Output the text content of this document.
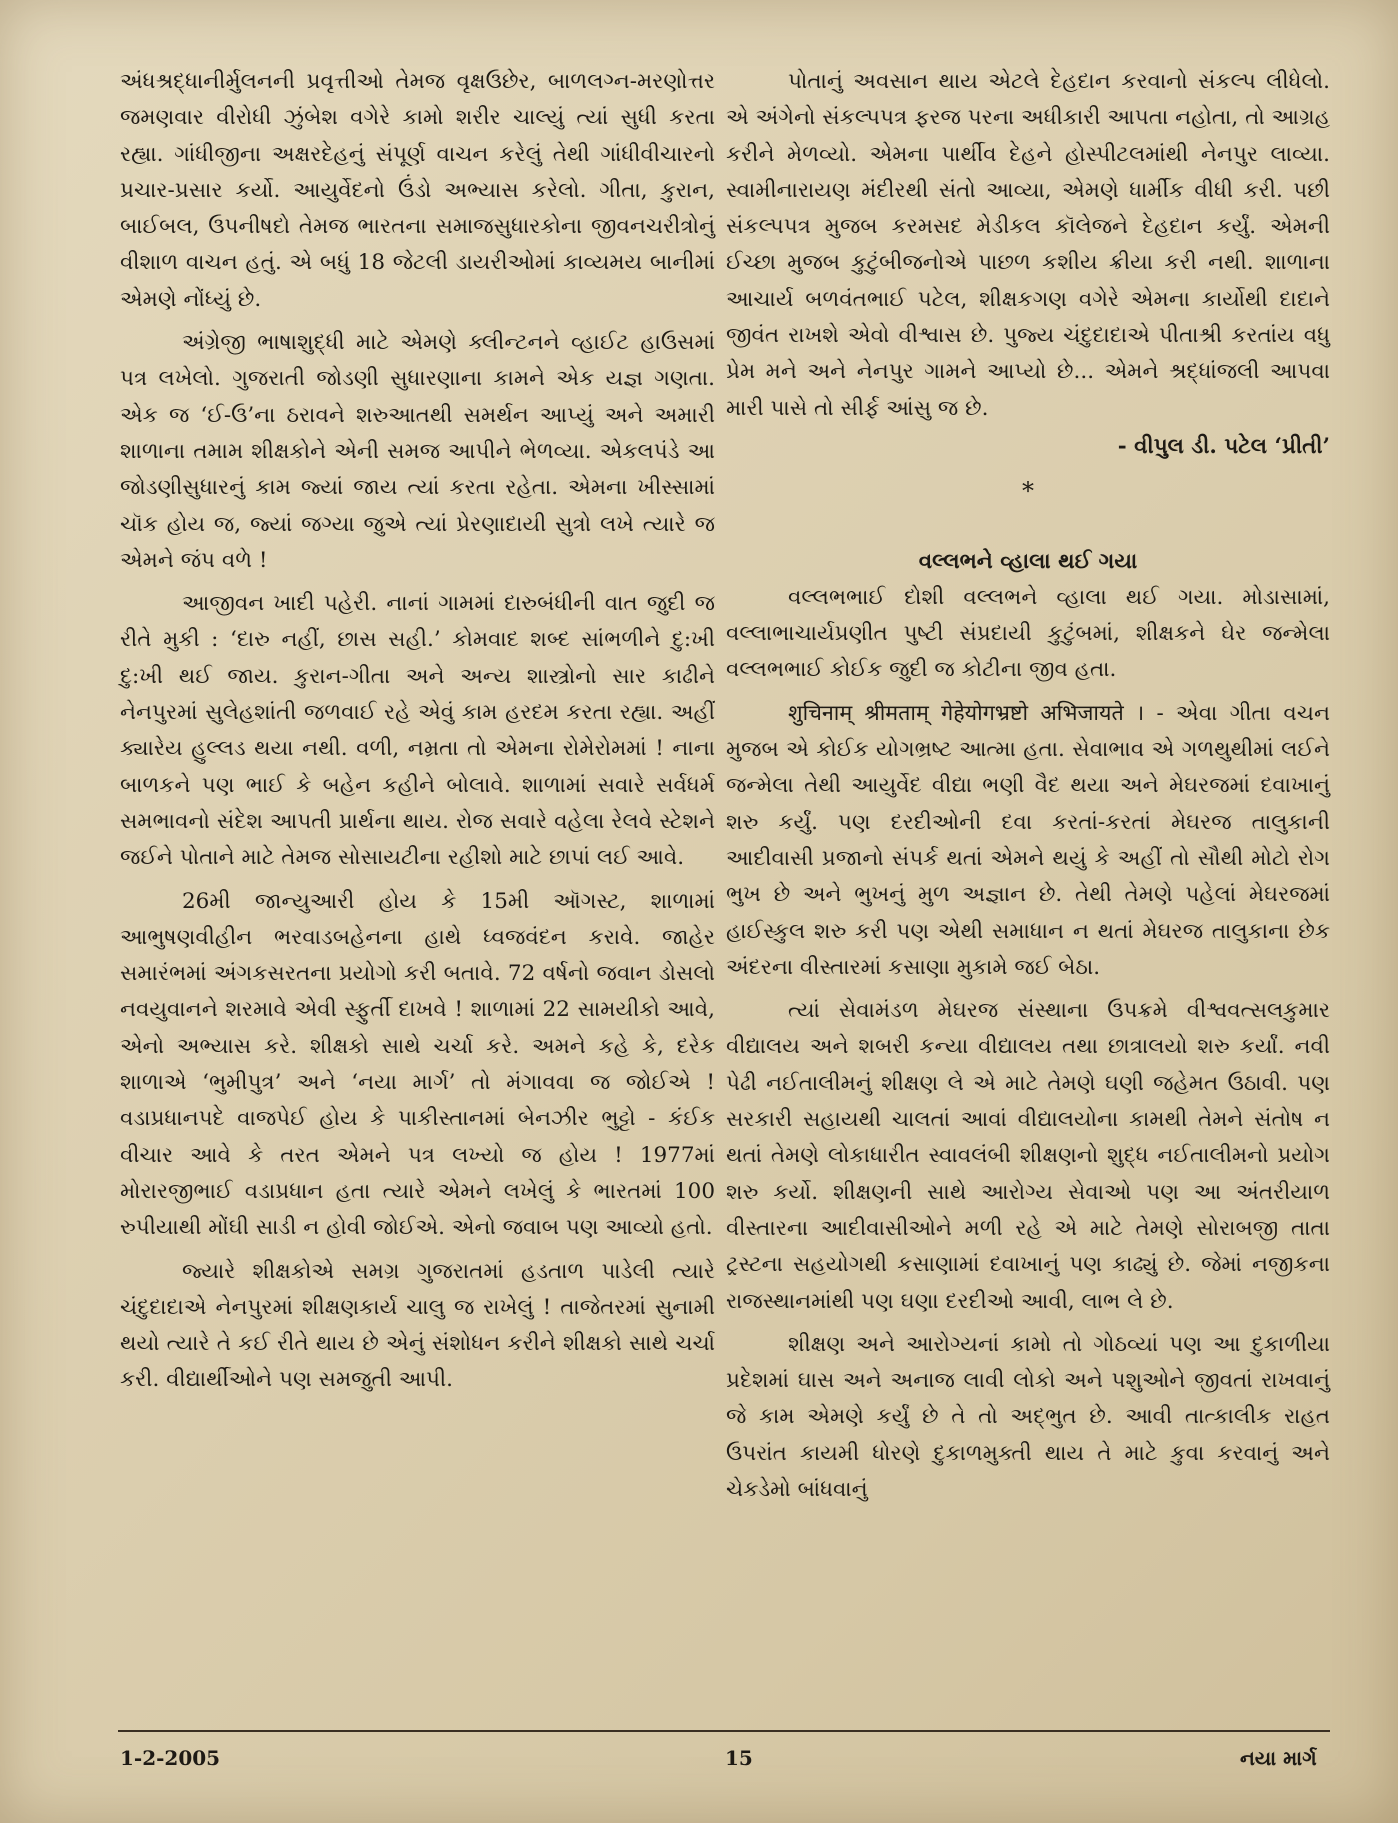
અંધશ્રદ્ધાનીર્મુલનની પ્રવૃત્તીઓ તેમજ વૃક્ષઉછેર, બાળલગ્ન-મરણોત્તર જમણવાર વીરોધી ઝુંબેશ વગેરે કામો શરીર ચાલ્યું ત્યાં સુધી કરતા રહ્યા. ગાંધીજીના અક્ષરદેહનું સંપૂર્ણ વાચન કરેલું તેથી ગાંધીવીચારનો પ્રચાર-પ્રસાર કર્યો. આયુર્વેદનો ઉંડો અભ્યાસ કરેલો. ગીતા, કુરાન, બાઈબલ, ઉપનીષદો તેમજ ભારતના સમાજસુધારકોના જીવનચરીત્રોનું વીશાળ વાચન હતું. એ બધું 18 જેટલી ડાયરીઓમાં કાવ્યમય બાનીમાં એમણે નોંધ્યું છે.

અંગ્રેજી ભાષાશુદ્ધી માટે એમણે ક્લીન્ટનને વ્હાઈટ હાઉસમાં પત્ર લખેલો. ગુજરાતી જોડણી સુધારણાના કામને એક યજ્ઞ ગણતા. એક જ ‘ઈ-ઉ’ના ઠરાવને શરુઆતથી સમર્થન આપ્યું અને અમારી શાળાના તમામ શીક્ષકોને એની સમજ આપીને ભેળવ્યા. એકલપંડે આ જોડણીસુધારનું કામ જ્યાં જાય ત્યાં કરતા રહેતા. એમના ખીસ્સામાં ચૉક હોય જ, જ્યાં જગ્યા જુએ ત્યાં પ્રેરણાદાયી સુત્રો લખે ત્યારે જ એમને જંપ વળે !

આજીવન ખાદી પહેરી. નાનાં ગામમાં દારુબંધીની વાત જુદી જ રીતે મુકી : ‘દારુ નહીં, છાસ સહી.’ કોમવાદ શબ્દ સાંભળીને દુ:ખી દુ:ખી થઈ જાય. કુરાન-ગીતા અને અન્ય શાસ્ત્રોનો સાર કાઢીને નેનપુરમાં સુલેહશાંતી જળવાઈ રહે એવું કામ હરદમ કરતા રહ્યા. અહીં ક્યારેય હુલ્લડ થયા નથી. વળી, નમ્રતા તો એમના રોમેરોમમાં ! નાના બાળકને પણ ભાઈ કે બહેન કહીને બોલાવે. શાળામાં સવારે સર્વધર્મ સમભાવનો સંદેશ આપતી પ્રાર્થના થાય. રોજ સવારે વહેલા રેલવે સ્ટેશને જઈને પોતાને માટે તેમજ સોસાયટીના રહીશો માટે છાપાં લઈ આવે.

26મી જાન્યુઆરી હોય કે 15મી ઑગસ્ટ, શાળામાં આભુષણવીહીન ભરવાડબહેનના હાથે ધ્વજવંદન કરાવે. જાહેર સમારંભમાં અંગકસરતના પ્રયોગો કરી બતાવે. 72 વર્ષનો જવાન ડોસલો નવયુવાનને શરમાવે એવી સ્ફુર્તી દાખવે ! શાળામાં 22 સામયીકો આવે, એનો અભ્યાસ કરે. શીક્ષકો સાથે ચર્ચા કરે. અમને કહે કે, દરેક શાળાએ ‘ભુમીપુત્ર’ અને ‘નયા માર્ગ’ તો મંગાવવા જ જોઈએ ! વડાપ્રધાનપદે વાજપેઈ હોય કે પાકીસ્તાનમાં બેનઝીર ભુટ્ટો - કંઈક વીચાર આવે કે તરત એમને પત્ર લખ્યો જ હોય ! 1977માં મોરારજીભાઈ વડાપ્રધાન હતા ત્યારે એમને લખેલું કે ભારતમાં 100 રુપીયાથી મોંઘી સાડી ન હોવી જોઈએ. એનો જવાબ પણ આવ્યો હતો.

જ્યારે શીક્ષકોએ સમગ્ર ગુજરાતમાં હડતાળ પાડેલી ત્યારે ચંદુદાદાએ નેનપુરમાં શીક્ષણકાર્ય ચાલુ જ રાખેલું ! તાજેતરમાં સુનામી થયો ત્યારે તે કઈ રીતે થાય છે એનું સંશોધન કરીને શીક્ષકો સાથે ચર્ચા કરી. વીદ્યાર્થીઓને પણ સમજુતી આપી.

પોતાનું અવસાન થાય એટલે દેહદાન કરવાનો સંકલ્પ લીધેલો. એ અંગેનો સંકલ્પપત્ર ફરજ પરના અધીકારી આપતા નહોતા, તો આગ્રહ કરીને મેળવ્યો. એમના પાર્થીવ દેહને હોસ્પીટલમાંથી નેનપુર લાવ્યા. સ્વામીનારાયણ મંદીરથી સંતો આવ્યા, એમણે ધાર્મીક વીધી કરી. પછી સંકલ્પપત્ર મુજબ કરમસદ મેડીકલ કૉલેજને દેહદાન કર્યું. એમની ઈચ્છા મુજબ કુટુંબીજનોએ પાછળ કશીય ક્રીયા કરી નથી. શાળાના આચાર્ય બળવંતભાઈ પટેલ, શીક્ષકગણ વગેરે એમના કાર્યોથી દાદાને જીવંત રાખશે એવો વીશ્વાસ છે. પુજ્ય ચંદુદાદાએ પીતાશ્રી કરતાંય વધુ પ્રેમ મને અને નેનપુર ગામને આપ્યો છે... એમને શ્રદ્ધાંજલી આપવા મારી પાસે તો સીર્ફ આંસુ જ છે.

- વીપુલ ડી. પટેલ ‘પ્રીતી’

*

વલ્લભને વ્હાલા થઈ ગયા

વલ્લભભાઈ દોશી વલ્લભને વ્હાલા થઈ ગયા. મોડાસામાં, વલ્લાભાચાર્યપ્રણીત પુષ્ટી સંપ્રદાયી કુટુંબમાં, શીક્ષકને ઘેર જન્મેલા વલ્લભભાઈ કોઈક જુદી જ કોટીના જીવ હતા.

शुचिनाम् श्रीमताम् गेहेयोगभ्रष्टो अभिजायते । - એવા ગીતા વચન મુજબ એ કોઈક યોગભ્રષ્ટ આત્મા હતા. સેવાભાવ એ ગળથુથીમાં લઈને જન્મેલા તેથી આયુર્વેદ વીદ્યા ભણી વૈદ થયા અને મેઘરજમાં દવાખાનું શરુ કર્યું. પણ દરદીઓની દવા કરતાં-કરતાં મેઘરજ તાલુકાની આદીવાસી પ્રજાનો સંપર્ક થતાં એમને થયું કે અહીં તો સૌથી મોટો રોગ ભુખ છે અને ભુખનું મુળ અજ્ઞાન છે. તેથી તેમણે પહેલાં મેઘરજમાં હાઈસ્કુલ શરુ કરી પણ એથી સમાધાન ન થતાં મેઘરજ તાલુકાના છેક અંદરના વીસ્તારમાં કસાણા મુકામે જઈ બેઠા.

ત્યાં સેવામંડળ મેઘરજ સંસ્થાના ઉપક્રમે વીશ્વવત્સલકુમાર વીદ્યાલય અને શબરી કન્યા વીદ્યાલય તથા છાત્રાલયો શરુ કર્યાં. નવી પેઢી નઈતાલીમનું શીક્ષણ લે એ માટે તેમણે ઘણી જહેમત ઉઠાવી. પણ સરકારી સહાયથી ચાલતાં આવાં વીદ્યાલયોના કામથી તેમને સંતોષ ન થતાં તેમણે લોકાધારીત સ્વાવલંબી શીક્ષણનો શુદ્ધ નઈતાલીમનો પ્રયોગ શરુ કર્યો. શીક્ષણની સાથે આરોગ્ય સેવાઓ પણ આ અંતરીયાળ વીસ્તારના આદીવાસીઓને મળી રહે એ માટે તેમણે સોરાબજી તાતા ટ્રસ્ટના સહયોગથી કસાણામાં દવાખાનું પણ કાઢ્યું છે. જેમાં નજીકના રાજસ્થાનમાંથી પણ ઘણા દરદીઓ આવી, લાભ લે છે.

શીક્ષણ અને આરોગ્યનાં કામો તો ગોઠવ્યાં પણ આ દુકાળીયા પ્રદેશમાં ઘાસ અને અનાજ લાવી લોકો અને પશુઓને જીવતાં રાખવાનું જે કામ એમણે કર્યું છે તે તો અદ્ભુત છે. આવી તાત્કાલીક રાહત ઉપરાંત કાયમી ધોરણે દુકાળમુક્તી થાય તે માટે કુવા કરવાનું અને ચેકડેમો બાંધવાનું

1-2-2005	15	નયા માર્ગ
